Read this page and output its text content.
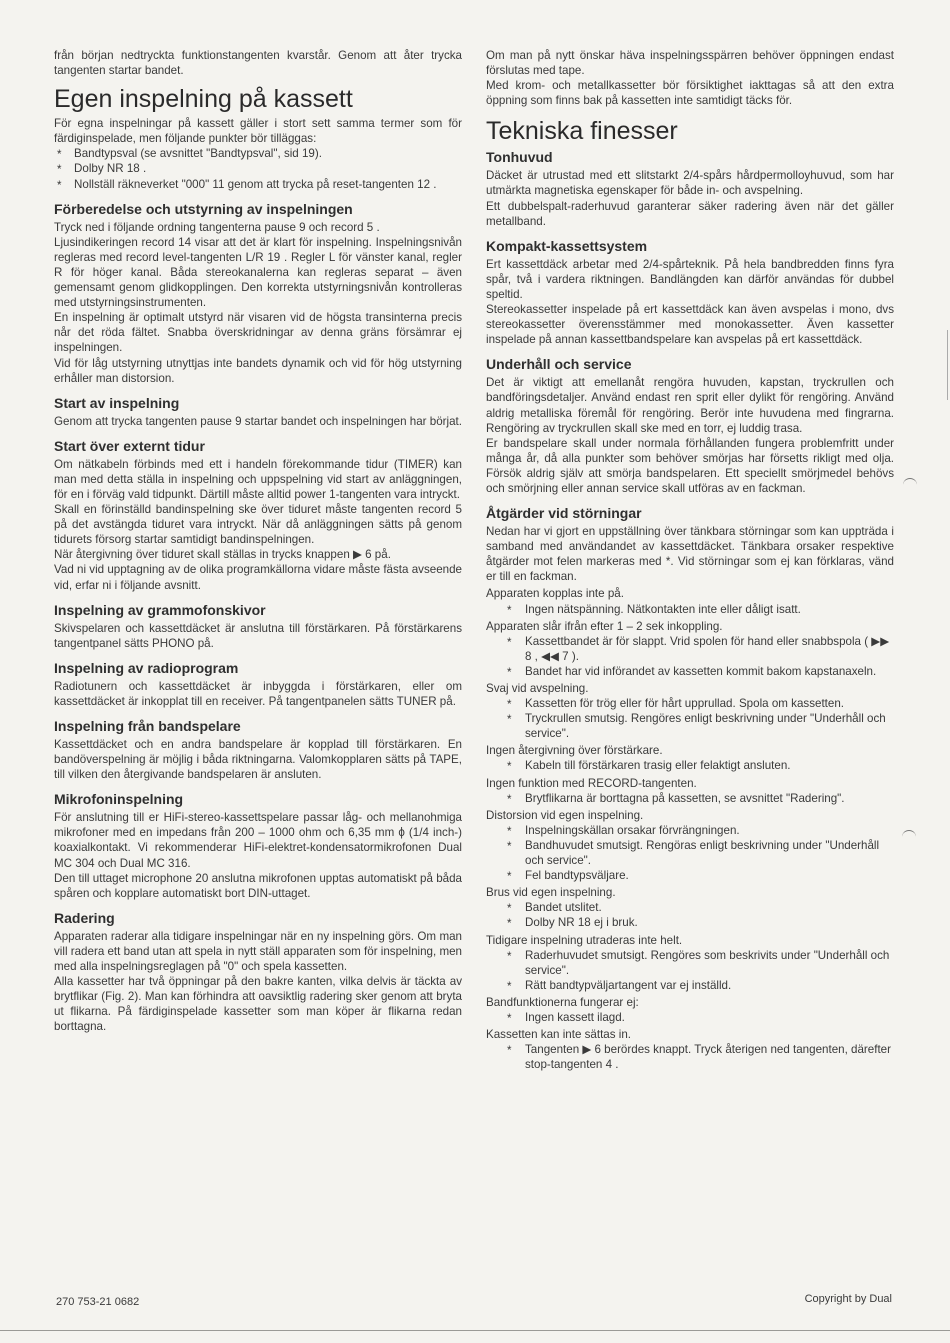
från början nedtryckta funktionstangenten kvarstår. Genom att åter trycka tangenten startar bandet.

Egen inspelning på kassett

För egna inspelningar på kassett gäller i stort sett samma termer som för färdiginspelade, men följande punkter bör tilläggas:

* Bandtypsval (se avsnittet "Bandtypsval", sid 19).
* Dolby NR 18 .
* Nollställ räkneverket "000" 11 genom att trycka på reset-tangenten 12 .
Förberedelse och utstyrning av inspelningen

Tryck ned i följande ordning tangenterna pause 9 och record 5 .

Ljusindikeringen record 14 visar att det är klart för inspelning. Inspelningsnivån regleras med record level-tangenten L/R 19 . Regler L för vänster kanal, regler R för höger kanal. Båda stereokanalerna kan regleras separat – även gemensamt genom glidkopplingen. Den korrekta utstyrningsnivån kontrolleras med utstyrningsinstrumenten.

En inspelning är optimalt utstyrd när visaren vid de högsta transinterna precis når det röda fältet. Snabba överskridningar av denna gräns försämrar ej inspelningen.

Vid för låg utstyrning utnyttjas inte bandets dynamik och vid för hög utstyrning erhåller man distorsion.

Start av inspelning

Genom att trycka tangenten pause 9 startar bandet och inspelningen har börjat.

Start över externt tidur

Om nätkabeln förbinds med ett i handeln förekommande tidur (TIMER) kan man med detta ställa in inspelning och uppspelning vid start av anläggningen, för en i förväg vald tidpunkt. Därtill måste alltid power 1-tangenten vara intryckt.

Skall en förinställd bandinspelning ske över tiduret måste tangenten record 5 på det avstängda tiduret vara intryckt. När då anläggningen sätts på genom tidurets försorg startar samtidigt bandinspelningen.

När återgivning över tiduret skall ställas in trycks knappen ▶ 6 på.

Vad ni vid upptagning av de olika programkällorna vidare måste fästa avseende vid, erfar ni i följande avsnitt.

Inspelning av grammofonskivor

Skivspelaren och kassettdäcket är anslutna till förstärkaren. På förstärkarens tangentpanel sätts PHONO på.

Inspelning av radioprogram

Radiotunern och kassettdäcket är inbyggda i förstärkaren, eller om kassettdäcket är inkopplat till en receiver. På tangentpanelen sätts TUNER på.

Inspelning från bandspelare

Kassettdäcket och en andra bandspelare är kopplad till förstärkaren. En bandöverspelning är möjlig i båda riktningarna. Valomkopplaren sätts på TAPE, till vilken den återgivande bandspelaren är ansluten.

Mikrofoninspelning

För anslutning till er HiFi-stereo-kassettspelare passar låg- och mellanohmiga mikrofoner med en impedans från 200 – 1000 ohm och 6,35 mm ϕ (1/4 inch-) koaxialkontakt. Vi rekommenderar HiFi-elektret-kondensatormikrofonen Dual MC 304 och Dual MC 316.

Den till uttaget microphone 20 anslutna mikrofonen upptas automatiskt på båda spåren och kopplare automatiskt bort DIN-uttaget.

Radering

Apparaten raderar alla tidigare inspelningar när en ny inspelning görs. Om man vill radera ett band utan att spela in nytt ställ apparaten som för inspelning, men med alla inspelningsreglagen på "0" och spela kassetten.

Alla kassetter har två öppningar på den bakre kanten, vilka delvis är täckta av brytflikar (Fig. 2). Man kan förhindra att oavsiktlig radering sker genom att bryta ut flikarna. På färdiginspelade kassetter som man köper är flikarna redan borttagna.

Om man på nytt önskar häva inspelningsspärren behöver öppningen endast förslutas med tape.

Med krom- och metallkassetter bör försiktighet iakttagas så att den extra öppning som finns bak på kassetten inte samtidigt täcks för.

Tekniska finesser
Tonhuvud

Däcket är utrustad med ett slitstarkt 2/4-spårs hårdpermolloyhuvud, som har utmärkta magnetiska egenskaper för både in- och avspelning.

Ett dubbelspalt-raderhuvud garanterar säker radering även när det gäller metallband.

Kompakt-kassettsystem

Ert kassettdäck arbetar med 2/4-spårteknik. På hela bandbredden finns fyra spår, två i vardera riktningen. Bandlängden kan därför användas för dubbel speltid.

Stereokassetter inspelade på ert kassettdäck kan även avspelas i mono, dvs stereokassetter överensstämmer med monokassetter. Även kassetter inspelade på annan kassettbandspelare kan avspelas på ert kassettdäck.

Underhåll och service

Det är viktigt att emellanåt rengöra huvuden, kapstan, tryckrullen och bandföringsdetaljer. Använd endast ren sprit eller dylikt för rengöring. Använd aldrig metalliska föremål för rengöring. Berör inte huvudena med fingrarna. Rengöring av tryckrullen skall ske med en torr, ej luddig trasa.

Er bandspelare skall under normala förhållanden fungera problemfritt under många år, då alla punkter som behöver smörjas har försetts rikligt med olja. Försök aldrig själv att smörja bandspelaren. Ett speciellt smörjmedel behövs och smörjning eller annan service skall utföras av en fackman.

Åtgärder vid störningar

Nedan har vi gjort en uppställning över tänkbara störningar som kan uppträda i samband med användandet av kassettdäcket. Tänkbara orsaker respektive åtgärder mot felen markeras med *. Vid störningar som ej kan förklaras, vänd er till en fackman.

Apparaten kopplas inte på.
* Ingen nätspänning. Nätkontakten inte eller dåligt isatt.
Apparaten slår ifrån efter 1 – 2 sek inkoppling.
* Kassettbandet är för slappt. Vrid spolen för hand eller snabbspola ( ▶▶ 8 , ◀◀ 7 ).
* Bandet har vid införandet av kassetten kommit bakom kapstanaxeln.
Svaj vid avspelning.
* Kassetten för trög eller för hårt upprullad. Spola om kassetten.
* Tryckrullen smutsig. Rengöres enligt beskrivning under "Underhåll och service".
Ingen återgivning över förstärkare.
* Kabeln till förstärkaren trasig eller felaktigt ansluten.
Ingen funktion med RECORD-tangenten.
* Brytflikarna är borttagna på kassetten, se avsnittet "Radering".
Distorsion vid egen inspelning.
* Inspelningskällan orsakar förvrängningen.
* Bandhuvudet smutsigt. Rengöras enligt beskrivning under "Underhåll och service".
* Fel bandtypsväljare.
Brus vid egen inspelning.
* Bandet utslitet.
* Dolby NR 18 ej i bruk.
Tidigare inspelning utraderas inte helt.
* Raderhuvudet smutsigt. Rengöres som beskrivits under "Underhåll och service".
* Rätt bandtypväljartangent var ej inställd.
Bandfunktionerna fungerar ej:
* Ingen kassett ilagd.
Kassetten kan inte sättas in.
* Tangenten ▶ 6 berördes knappt. Tryck återigen ned tangenten, därefter stop-tangenten 4 .
270 753-21 0682	Copyright by Dual
